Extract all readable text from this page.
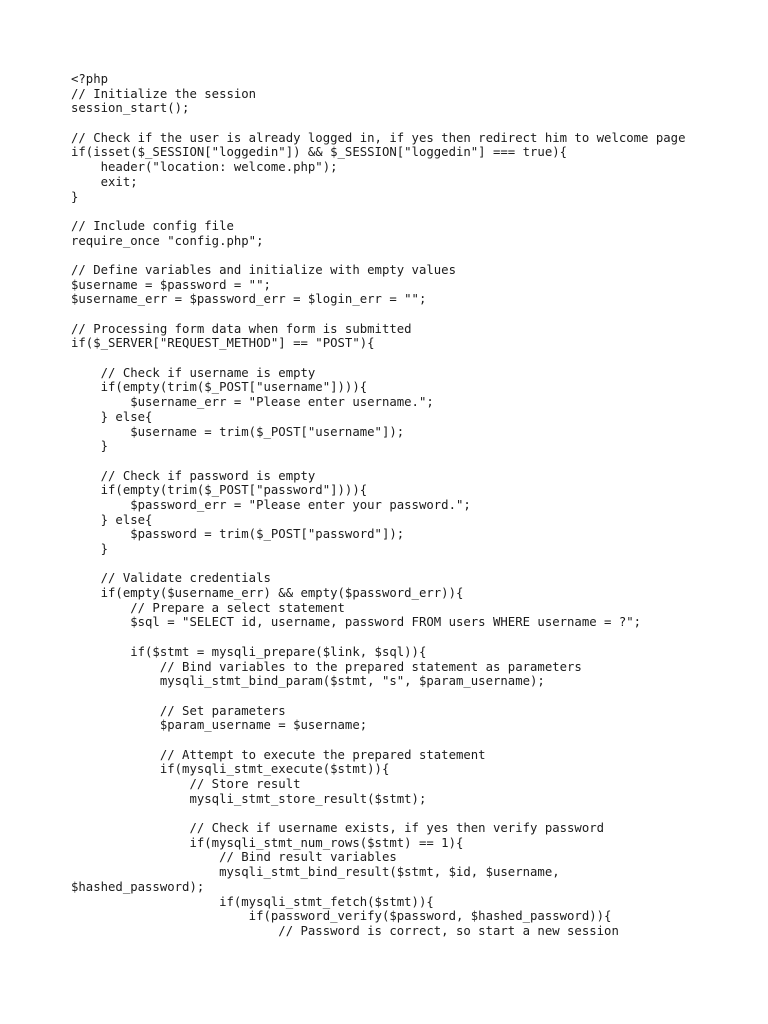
<?php
// Initialize the session
session_start();
// Check if the user is already logged in, if yes then redirect him to welcome page
if(isset($_SESSION["loggedin"]) && $_SESSION["loggedin"] === true){
header("location: welcome.php");
exit;
}
// Include config file
require_once "config.php";
// Define variables and initialize with empty values
$username = $password = "";
$username_err = $password_err = $login_err = "";
// Processing form data when form is submitted
if($_SERVER["REQUEST_METHOD"] == "POST"){
// Check if username is empty
if(empty(trim($_POST["username"]))){
$username_err = "Please enter username.";
} else{
$username = trim($_POST["username"]);
}
// Check if password is empty
if(empty(trim($_POST["password"]))){
$password_err = "Please enter your password.";
} else{
$password = trim($_POST["password"]);
}
// Validate credentials
if(empty($username_err) && empty($password_err)){
// Prepare a select statement
$sql = "SELECT id, username, password FROM users WHERE username = ?";
if($stmt = mysqli_prepare($link, $sql)){
// Bind variables to the prepared statement as parameters
mysqli_stmt_bind_param($stmt, "s", $param_username);
// Set parameters
$param_username = $username;
// Attempt to execute the prepared statement
if(mysqli_stmt_execute($stmt)){
// Store result
mysqli_stmt_store_result($stmt);
// Check if username exists, if yes then verify password
if(mysqli_stmt_num_rows($stmt) == 1){
// Bind result variables
mysqli_stmt_bind_result($stmt, $id, $username,
$hashed_password);
if(mysqli_stmt_fetch($stmt)){
if(password_verify($password, $hashed_password)){
// Password is correct, so start a new session
